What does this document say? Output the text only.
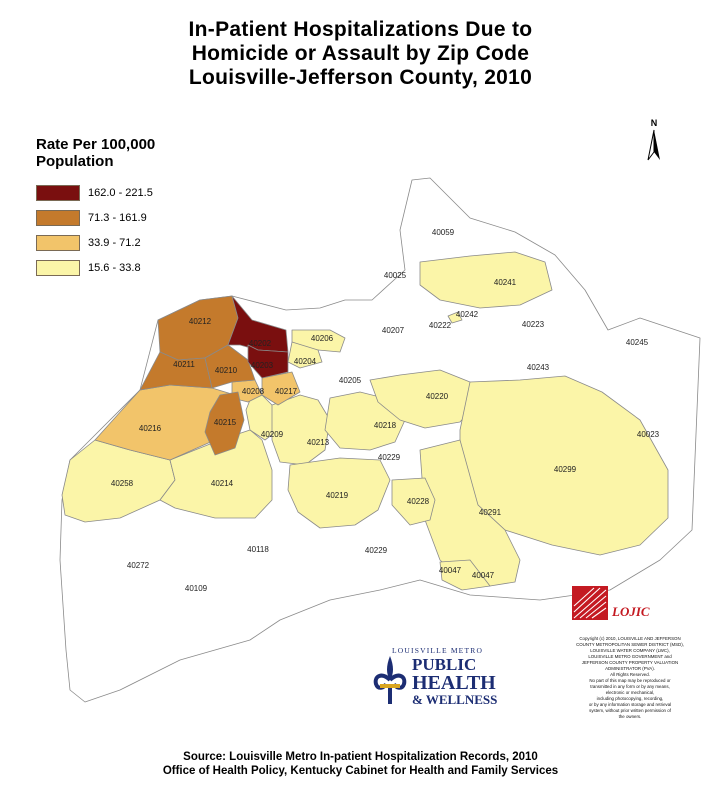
In-Patient Hospitalizations Due to
Homicide or Assault by Zip Code
Louisville-Jefferson County, 2010
40059
40025
40241
40242
40222	40223
40207
40245
40212
40202
40206
40204
40211
40210
40203
40205
40243
40208 40217
40220
40216
40215	40218
40023
40209
40213
40258	40214
40228
40299
40219
40229
40291
40118
40272
40109
40229
40047
40047
Rate Per 100,000
Population
162.0 - 221.5
71.3 - 161.9
33.9 - 71.2
15.6 - 33.8
N
LOJIC
Copyright (c) 2010, LOUISVILLE AND JEFFERSON
COUNTY METROPOLITAN SEWER DISTRICT (MSD),
LOUISVILLE WATER COMPANY (LWC),
LOUISVILLE METRO GOVERNMENT and
JEFFERSON COUNTY PROPERTY VALUATION
ADMINISTRATOR (PVA).
All Rights Reserved.
No part of this map may be reproduced or
transmitted in any form or by any means,
electronic or mechanical,
including photocopying, recording,
or by any information storage and retrieval
system, without prior written permission of
the owners.
LOUISVILLE METRO
PUBLIC
HEALTH
& WELLNESS
Source: Louisville Metro In-patient Hospitalization Records, 2010
Office of Health Policy, Kentucky Cabinet for Health and Family Services
